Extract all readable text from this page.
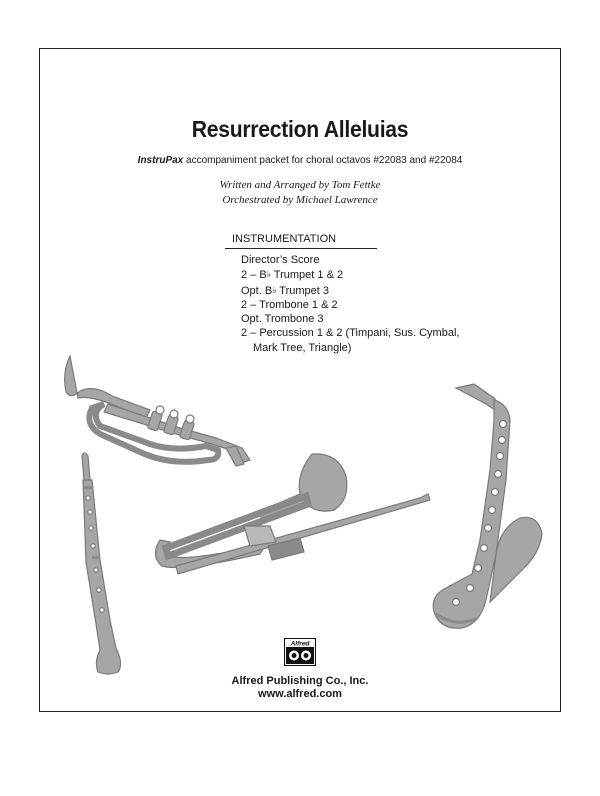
Resurrection Alleluias
InstruPax accompaniment packet for choral octavos #22083 and #22084
Written and Arranged by Tom Fettke
Orchestrated by Michael Lawrence
INSTRUMENTATION
Director’s Score
2 – B♭ Trumpet 1 & 2
Opt. B♭ Trumpet 3
2 – Trombone 1 & 2
Opt. Trombone 3
2 – Percussion 1 & 2 (Timpani, Sus. Cymbal,
Mark Tree, Triangle)
Alfred
Alfred Publishing Co., Inc.
www.alfred.com
